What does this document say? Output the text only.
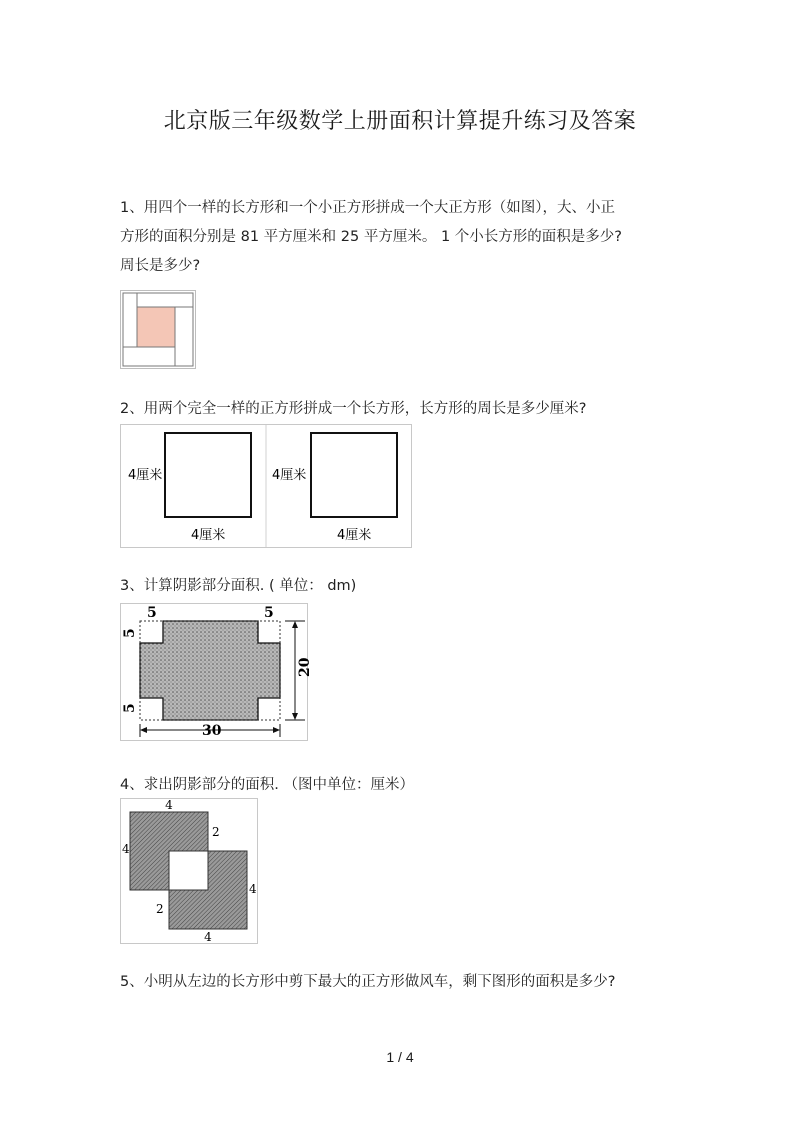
北京版三年级数学上册面积计算提升练习及答案
1、用四个一样的长方形和一个小正方形拼成一个大正方形（如图），大、小正
方形的面积分别是 81 平方厘米和 25 平方厘米。 1 个小长方形的面积是多少?
周长是多少?
2、用两个完全一样的正方形拼成一个长方形，长方形的周长是多少厘米?
4厘米
4厘米
4厘米
4厘米
3、计算阴影部分面积. ( 单位： dm)
5	5
5
5
20
30
4、求出阴影部分的面积. （图中单位：厘米）
4
4
2
2
4
4
5、小明从左边的长方形中剪下最大的正方形做风车，剩下图形的面积是多少?
1 / 4
